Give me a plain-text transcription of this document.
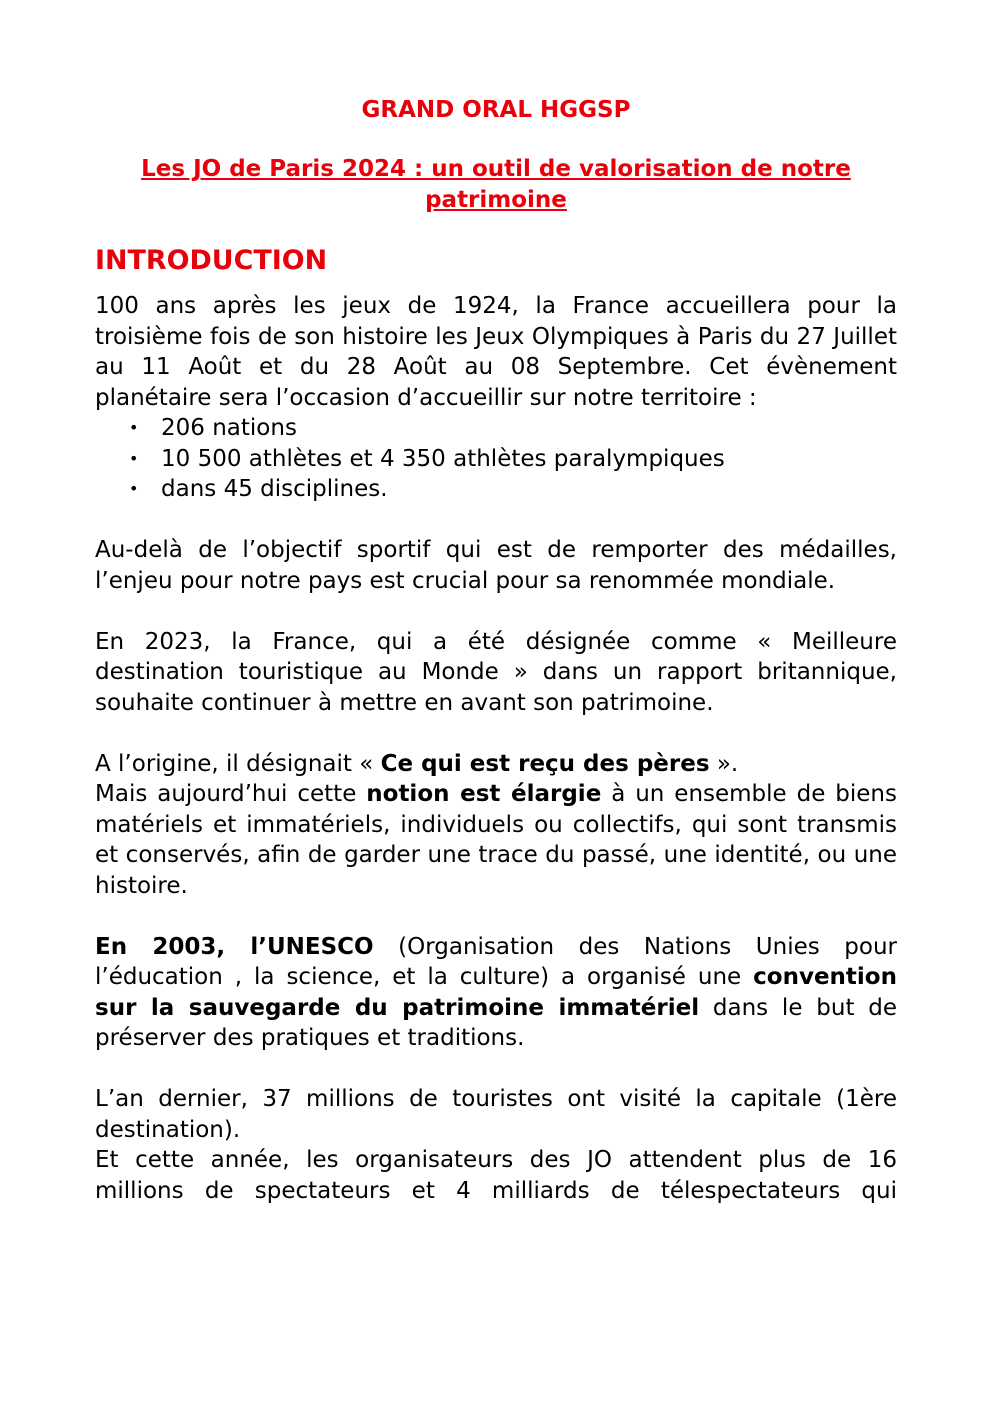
GRAND ORAL HGGSP
Les JO de Paris 2024 : un outil de valorisation de notre patrimoine
INTRODUCTION

100 ans après les jeux de 1924, la France accueillera pour la troisième fois de son histoire les Jeux Olympiques à Paris du 27 Juillet au 11 Août et du 28 Août au 08 Septembre. Cet évènement planétaire sera l’occasion d’accueillir sur notre territoire :

• 206 nations
• 10 500 athlètes et 4 350 athlètes paralympiques
• dans 45 disciplines.

Au-delà de l’objectif sportif qui est de remporter des médailles, l’enjeu pour notre pays est crucial pour sa renommée mondiale.

En 2023, la France, qui a été désignée comme « Meilleure destination touristique au Monde » dans un rapport britannique, souhaite continuer à mettre en avant son patrimoine.

A l’origine, il désignait « Ce qui est reçu des pères ».

Mais aujourd’hui cette notion est élargie à un ensemble de biens matériels et immatériels, individuels ou collectifs, qui sont transmis et conservés, afin de garder une trace du passé, une identité, ou une histoire.

En 2003, l’UNESCO (Organisation des Nations Unies pour l’éducation , la science, et la culture) a organisé une convention sur la sauvegarde du patrimoine immatériel dans le but de préserver des pratiques et traditions.

L’an dernier, 37 millions de touristes ont visité la capitale (1ère destination).

Et cette année, les organisateurs des JO attendent plus de 16 millions de spectateurs et 4 milliards de télespectateurs qui
